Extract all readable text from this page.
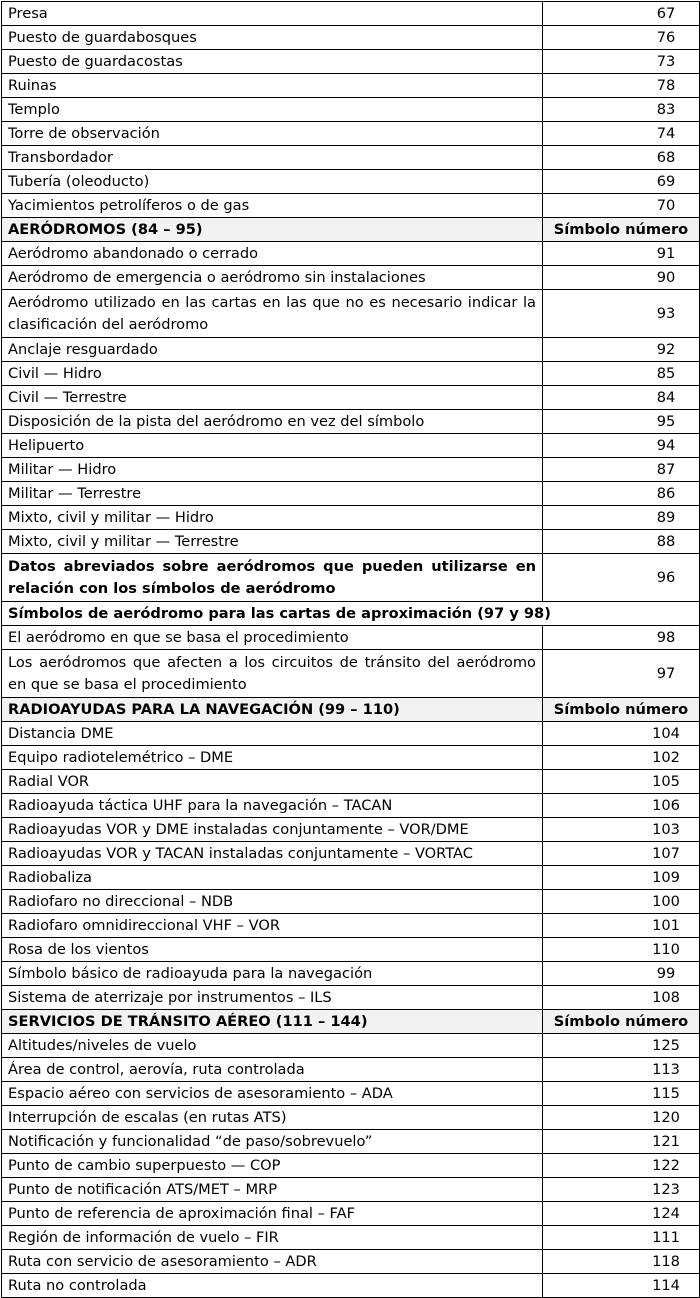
Presa	67
Puesto de guardabosques	76
Puesto de guardacostas	73
Ruinas	78
Templo	83
Torre de observación	74
Transbordador	68
Tubería (oleoducto)	69
Yacimientos petrolíferos o de gas	70
AERÓDROMOS (84 – 95)	Símbolo número
Aeródromo abandonado o cerrado	91
Aeródromo de emergencia o aeródromo sin instalaciones	90
Aeródromo utilizado en las cartas en las que no es necesario indicar la clasificación del aeródromo	93
Anclaje resguardado	92
Civil — Hidro	85
Civil — Terrestre	84
Disposición de la pista del aeródromo en vez del símbolo	95
Helipuerto	94
Militar — Hidro	87
Militar — Terrestre	86
Mixto, civil y militar — Hidro	89
Mixto, civil y militar — Terrestre	88
Datos abreviados sobre aeródromos que pueden utilizarse en relación con los símbolos de aeródromo	96
Símbolos de aeródromo para las cartas de aproximación (97 y 98)	
El aeródromo en que se basa el procedimiento	98
Los aeródromos que afecten a los circuitos de tránsito del aeródromo en que se basa el procedimiento	97
RADIOAYUDAS PARA LA NAVEGACIÓN (99 – 110)	Símbolo número
Distancia DME	104
Equipo radiotelemétrico – DME	102
Radial VOR	105
Radioayuda táctica UHF para la navegación – TACAN	106
Radioayudas VOR y DME instaladas conjuntamente – VOR/DME	103
Radioayudas VOR y TACAN instaladas conjuntamente – VORTAC	107
Radiobaliza	109
Radiofaro no direccional – NDB	100
Radiofaro omnidireccional VHF – VOR	101
Rosa de los vientos	110
Símbolo básico de radioayuda para la navegación	99
Sistema de aterrizaje por instrumentos – ILS	108
SERVICIOS DE TRÁNSITO AÉREO (111 – 144)	Símbolo número
Altitudes/niveles de vuelo	125
Área de control, aerovía, ruta controlada	113
Espacio aéreo con servicios de asesoramiento – ADA	115
Interrupción de escalas (en rutas ATS)	120
Notificación y funcionalidad “de paso/sobrevuelo”	121
Punto de cambio superpuesto — COP	122
Punto de notificación ATS/MET – MRP	123
Punto de referencia de aproximación final – FAF	124
Región de información de vuelo – FIR	111
Ruta con servicio de asesoramiento – ADR	118
Ruta no controlada	114
